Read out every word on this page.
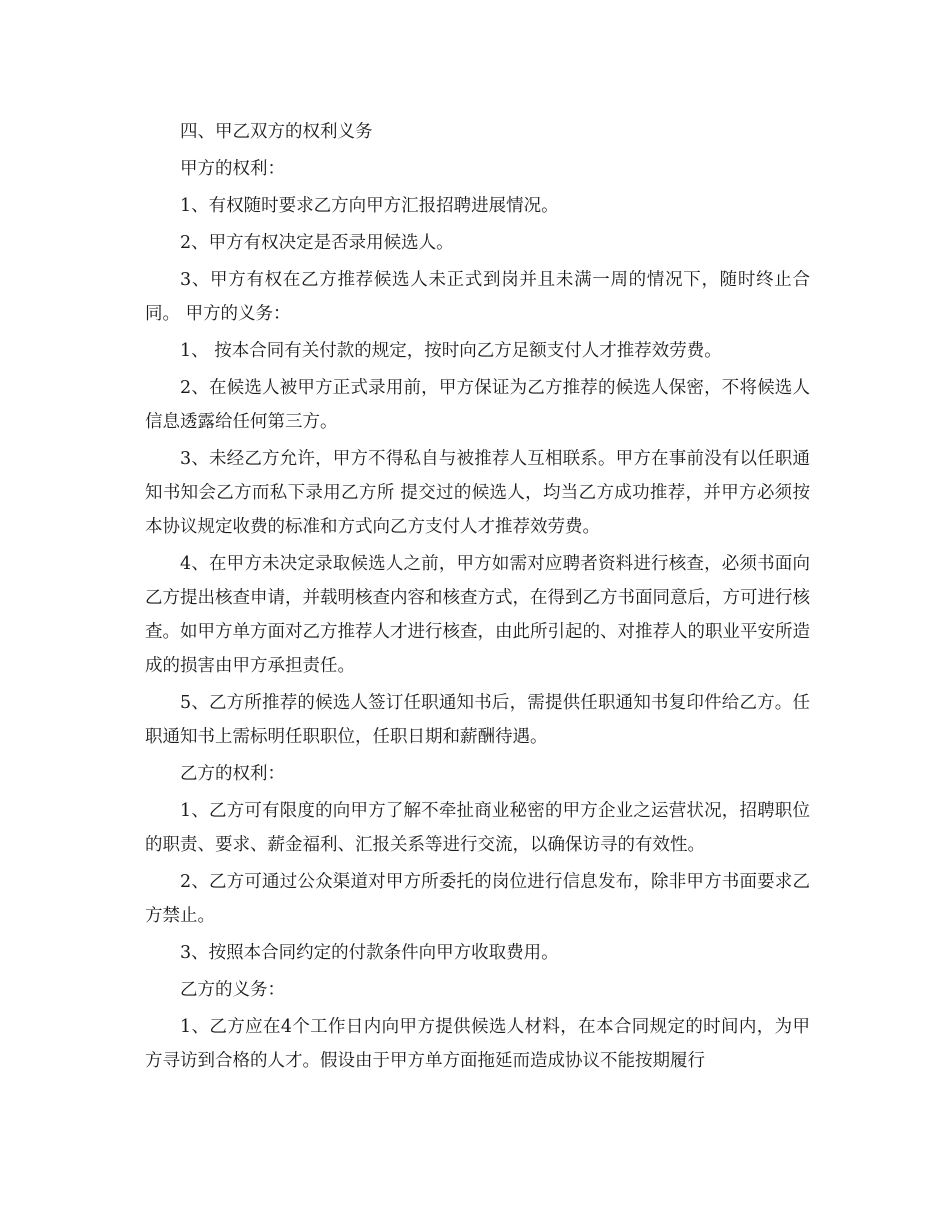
四、甲乙双方的权利义务

甲方的权利：

1、有权随时要求乙方向甲方汇报招聘进展情况。

2、甲方有权决定是否录用候选人。

3、甲方有权在乙方推荐候选人未正式到岗并且未满一周的情况下，随时终止合同。 甲方的义务：

1、 按本合同有关付款的规定，按时向乙方足额支付人才推荐效劳费。

2、在候选人被甲方正式录用前，甲方保证为乙方推荐的候选人保密，不将候选人信息透露给任何第三方。

3、未经乙方允许，甲方不得私自与被推荐人互相联系。甲方在事前没有以任职通知书知会乙方而私下录用乙方所 提交过的候选人，均当乙方成功推荐，并甲方必须按本协议规定收费的标准和方式向乙方支付人才推荐效劳费。

4、在甲方未决定录取候选人之前，甲方如需对应聘者资料进行核查，必须书面向乙方提出核查申请，并载明核查内容和核查方式，在得到乙方书面同意后，方可进行核查。如甲方单方面对乙方推荐人才进行核查，由此所引起的、对推荐人的职业平安所造成的损害由甲方承担责任。

5、乙方所推荐的候选人签订任职通知书后，需提供任职通知书复印件给乙方。任职通知书上需标明任职职位，任职日期和薪酬待遇。

乙方的权利：

1、乙方可有限度的向甲方了解不牵扯商业秘密的甲方企业之运营状况，招聘职位的职责、要求、薪金福利、汇报关系等进行交流，以确保访寻的有效性。

2、乙方可通过公众渠道对甲方所委托的岗位进行信息发布，除非甲方书面要求乙方禁止。

3、按照本合同约定的付款条件向甲方收取费用。

乙方的义务：

1、乙方应在4个工作日内向甲方提供候选人材料，在本合同规定的时间内，为甲方寻访到合格的人才。假设由于甲方单方面拖延而造成协议不能按期履行
